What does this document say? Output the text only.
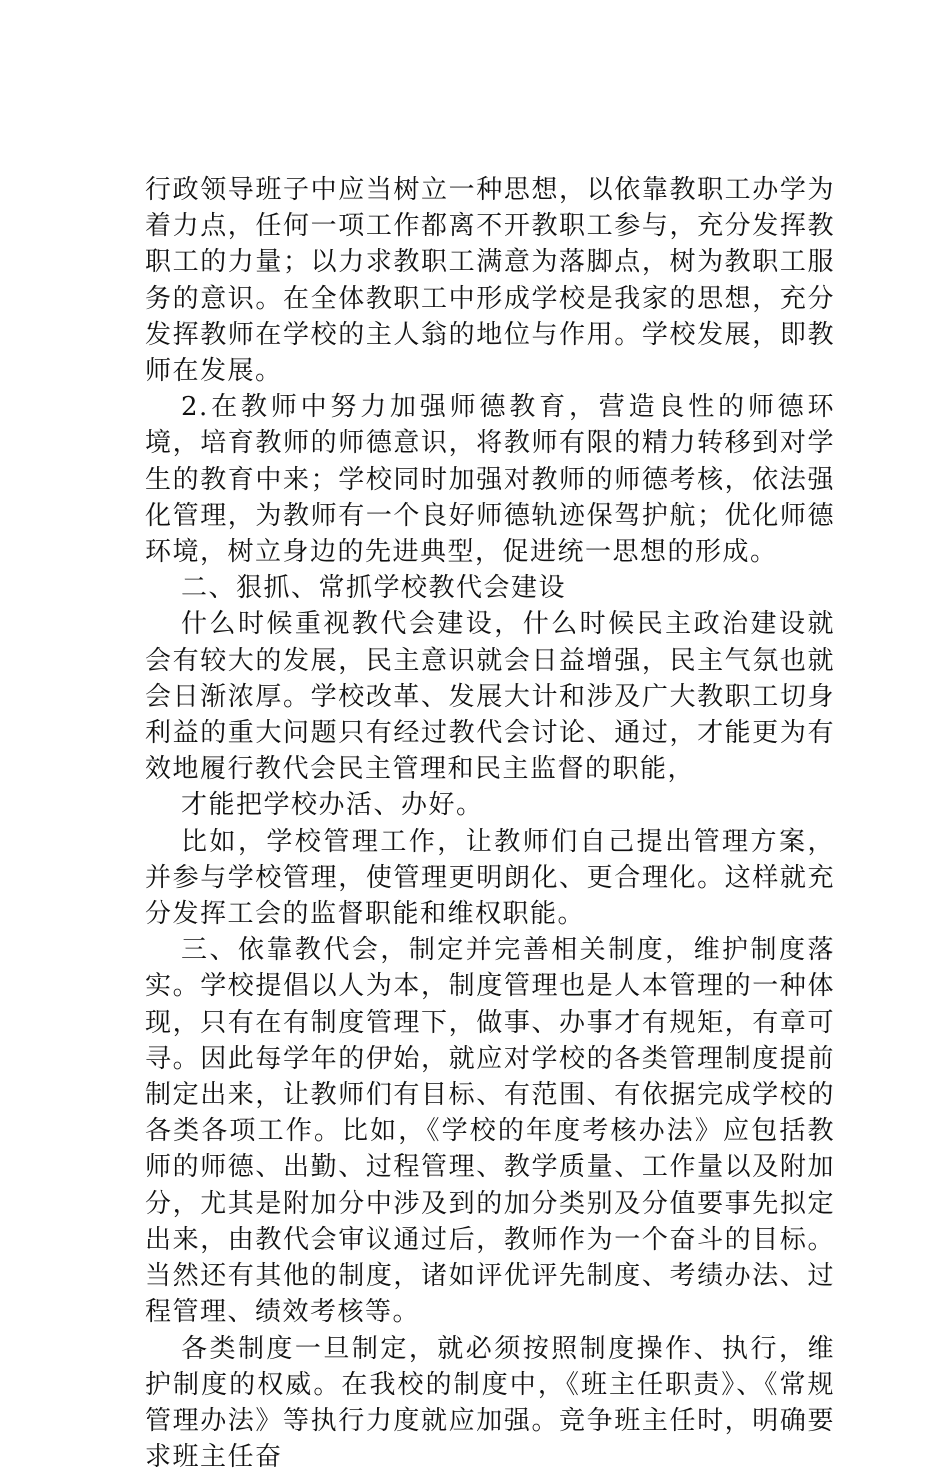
行政领导班子中应当树立一种思想，以依靠教职工办学为着力点，任何一项工作都离不开教职工参与，充分发挥教职工的力量；以力求教职工满意为落脚点，树为教职工服务的意识。在全体教职工中形成学校是我家的思想，充分发挥教师在学校的主人翁的地位与作用。学校发展，即教师在发展。

2.在教师中努力加强师德教育，营造良性的师德环境，培育教师的师德意识，将教师有限的精力转移到对学生的教育中来；学校同时加强对教师的师德考核，依法强化管理，为教师有一个良好师德轨迹保驾护航；优化师德环境，树立身边的先进典型，促进统一思想的形成。

二、狠抓、常抓学校教代会建设

什么时候重视教代会建设，什么时候民主政治建设就会有较大的发展，民主意识就会日益增强，民主气氛也就会日渐浓厚。学校改革、发展大计和涉及广大教职工切身利益的重大问题只有经过教代会讨论、通过，才能更为有效地履行教代会民主管理和民主监督的职能，

才能把学校办活、办好。

比如，学校管理工作，让教师们自己提出管理方案，并参与学校管理，使管理更明朗化、更合理化。这样就充分发挥工会的监督职能和维权职能。

三、依靠教代会，制定并完善相关制度，维护制度落实。学校提倡以人为本，制度管理也是人本管理的一种体现，只有在有制度管理下，做事、办事才有规矩，有章可寻。因此每学年的伊始，就应对学校的各类管理制度提前制定出来，让教师们有目标、有范围、有依据完成学校的各类各项工作。比如，《学校的年度考核办法》应包括教师的师德、出勤、过程管理、教学质量、工作量以及附加分，尤其是附加分中涉及到的加分类别及分值要事先拟定出来，由教代会审议通过后，教师作为一个奋斗的目标。当然还有其他的制度，诸如评优评先制度、考绩办法、过程管理、绩效考核等。

各类制度一旦制定，就必须按照制度操作、执行，维护制度的权威。在我校的制度中，《班主任职责》、《常规管理办法》等执行力度就应加强。竞争班主任时，明确要求班主任奋
